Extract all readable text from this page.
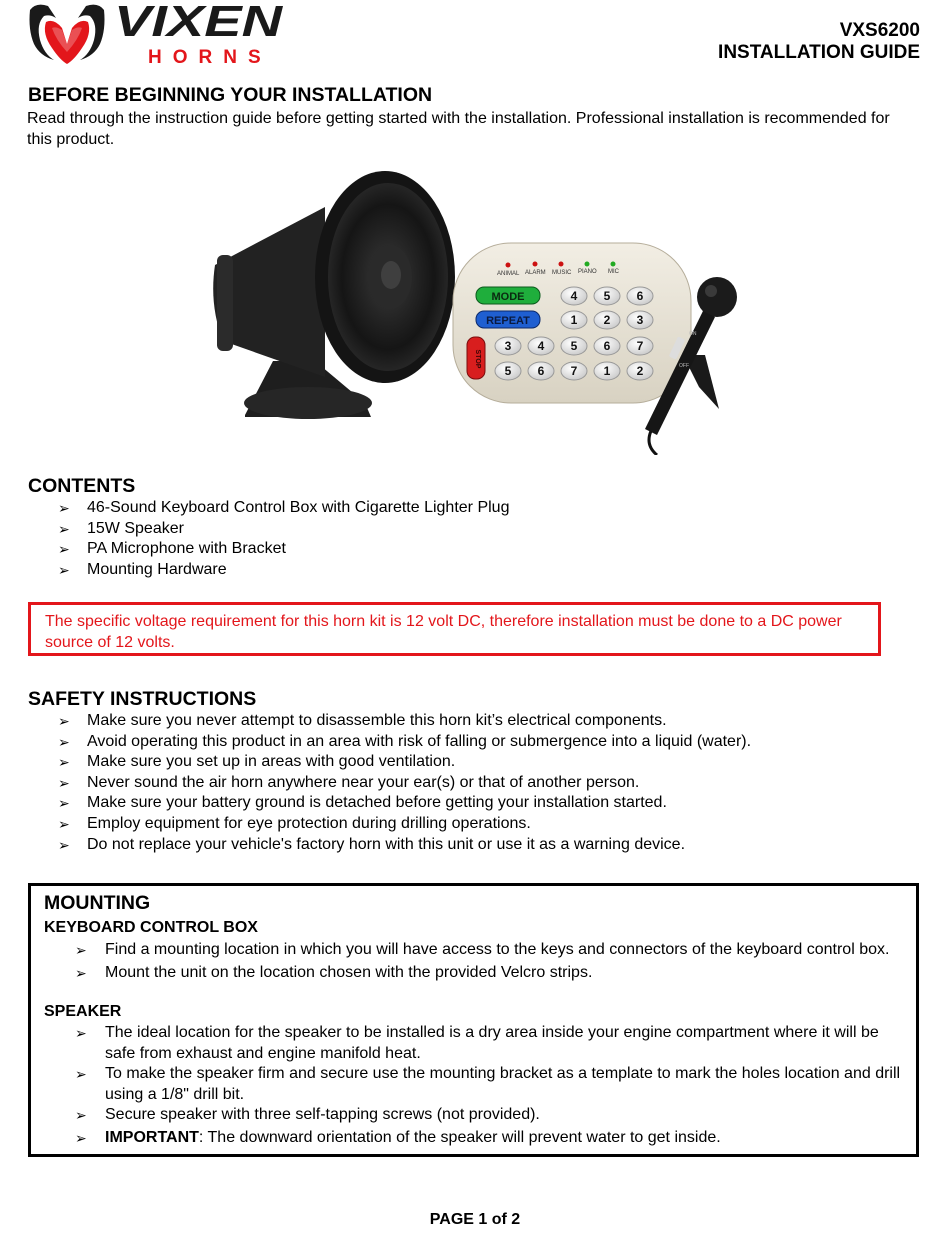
VIXEN
HORNS
VXS6200
INSTALLATION GUIDE
BEFORE BEGINNING YOUR INSTALLATION

Read through the instruction guide before getting started with the installation. Professional installation is recommended for this product.

ANIMAL ALARM MUSIC PIANO MIC
MODE
REPEAT
STOP
4 5 6
1 2 3
3 4 5 6 7
5 6 7 1 2
ON
OFF
CONTENTS
➢ 46-Sound Keyboard Control Box with Cigarette Lighter Plug
➢ 15W Speaker
➢ PA Microphone with Bracket
➢ Mounting Hardware
The specific voltage requirement for this horn kit is 12 volt DC, therefore installation must be done to a DC power source of 12 volts.
SAFETY INSTRUCTIONS
➢ Make sure you never attempt to disassemble this horn kit’s electrical components.
➢ Avoid operating this product in an area with risk of falling or submergence into a liquid (water).
➢ Make sure you set up in areas with good ventilation.
➢ Never sound the air horn anywhere near your ear(s) or that of another person.
➢ Make sure your battery ground is detached before getting your installation started.
➢ Employ equipment for eye protection during drilling operations.
➢ Do not replace your vehicle's factory horn with this unit or use it as a warning device.
MOUNTING
KEYBOARD CONTROL BOX
➢ Find a mounting location in which you will have access to the keys and connectors of the keyboard control box.
➢ Mount the unit on the location chosen with the provided Velcro strips.
SPEAKER
➢ The ideal location for the speaker to be installed is a dry area inside your engine compartment where it will be safe from exhaust and engine manifold heat.
➢ To make the speaker firm and secure use the mounting bracket as a template to mark the holes location and drill using a 1/8" drill bit.
➢ Secure speaker with three self-tapping screws (not provided).
➢ IMPORTANT: The downward orientation of the speaker will prevent water to get inside.
PAGE 1 of 2
